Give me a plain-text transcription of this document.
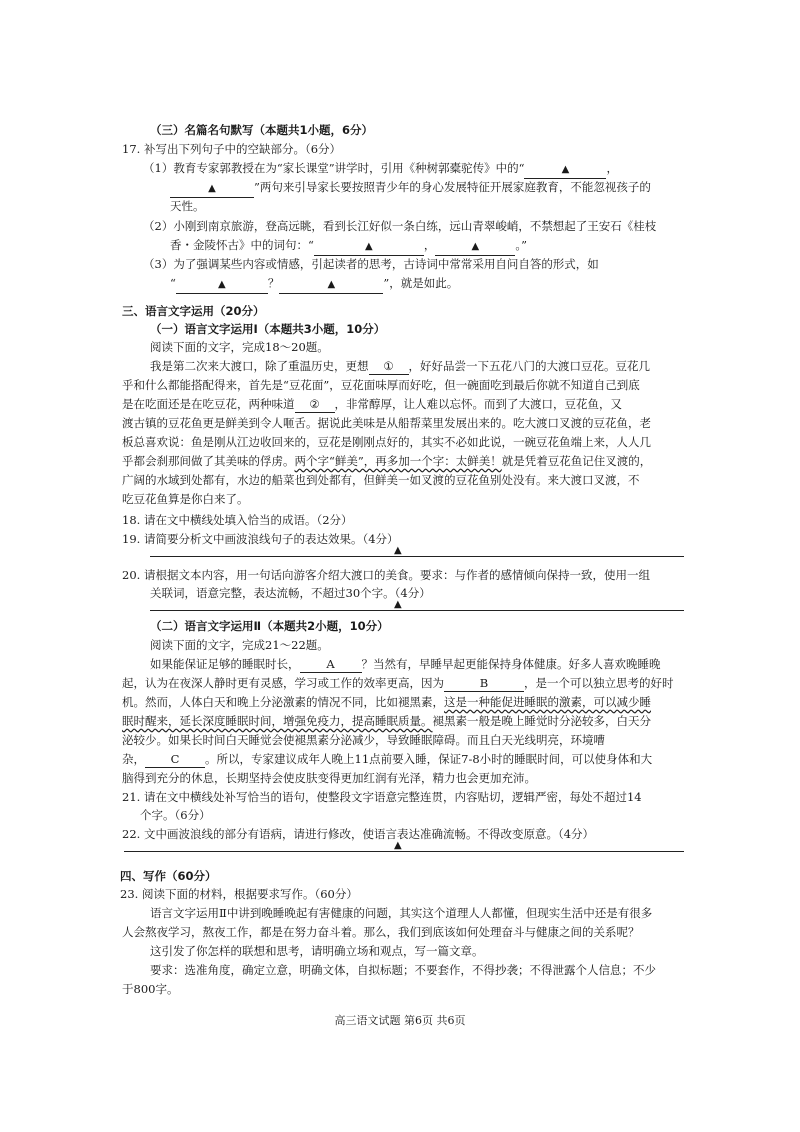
（三）名篇名句默写（本题共1小题，6分）
17. 补写出下列句子中的空缺部分。（6分）
（1）教育专家郭教授在为“家长课堂”讲学时，引用《种树郭橐驼传》中的“	▲	，
▲	”两句来引导家长要按照青少年的身心发展特征开展家庭教育，不能忽视孩子的
天性。
（2）小刚到南京旅游，登高远眺，看到长江好似一条白练，远山青翠峻峭，不禁想起了王安石《桂枝
香・金陵怀古》中的词句：“	▲	，	▲	。”
（3）为了强调某些内容或情感，引起读者的思考，古诗词中常常采用自问自答的形式，如
“	▲	？	▲	”，就是如此。
三、语言文字运用（20分）
（一）语言文字运用Ⅰ（本题共3小题，10分）
阅读下面的文字，完成18～20题。
我是第二次来大渡口，除了重温历史，更想 ① ，好好品尝一下五花八门的大渡口豆花。豆花几
乎和什么都能搭配得来，首先是“豆花面”，豆花面味厚而好吃，但一碗面吃到最后你就不知道自己到底
是在吃面还是在吃豆花，两种味道 ② ，非常醇厚，让人难以忘怀。而到了大渡口，豆花鱼，又
渡古镇的豆花鱼更是鲜美到令人咂舌。据说此美味是从船帮菜里发展出来的。吃大渡口叉渡的豆花鱼，老
板总喜欢说：鱼是刚从江边收回来的，豆花是刚刚点好的，其实不必如此说，一碗豆花鱼端上来，人人几
乎都会刹那间做了其美味的俘虏。两个字“鲜美”，再多加一个字：太鲜美！就是凭着豆花鱼记住叉渡的，
广阔的水域到处都有，水边的船菜也到处都有，但鲜美一如叉渡的豆花鱼别处没有。来大渡口叉渡，不
吃豆花鱼算是你白来了。
18. 请在文中横线处填入恰当的成语。（2分）
19. 请简要分析文中画波浪线句子的表达效果。（4分）
▲
20. 请根据文本内容，用一句话向游客介绍大渡口的美食。要求：与作者的感情倾向保持一致，使用一组
关联词，语意完整，表达流畅，不超过30个字。（4分）
▲
（二）语言文字运用Ⅱ（本题共2小题，10分）
阅读下面的文字，完成21～22题。
如果能保证足够的睡眠时长， A ？当然有，早睡早起更能保持身体健康。好多人喜欢晚睡晚
起，认为在夜深人静时更有灵感，学习或工作的效率更高，因为	B	，是一个可以独立思考的好时
机。然而，人体白天和晚上分泌激素的情况不同，比如褪黑素，这是一种能促进睡眠的激素，可以减少睡
眠时醒来，延长深度睡眠时间，增强免疫力，提高睡眠质量。褪黑素一般是晚上睡觉时分泌较多，白天分
泌较少。如果长时间白天睡觉会使褪黑素分泌减少，导致睡眠障碍。而且白天光线明亮，环境嘈
杂， C 。所以，专家建议成年人晚上11点前要入睡，保证7-8小时的睡眠时间，可以使身体和大
脑得到充分的休息，长期坚持会使皮肤变得更加红润有光泽，精力也会更加充沛。
21. 请在文中横线处补写恰当的语句，使整段文字语意完整连贯，内容贴切，逻辑严密，每处不超过14
个字。（6分）
22. 文中画波浪线的部分有语病，请进行修改，使语言表达准确流畅。不得改变原意。（4分）
▲
四、写作（60分）
23. 阅读下面的材料，根据要求写作。（60分）
语言文字运用Ⅱ中讲到晚睡晚起有害健康的问题，其实这个道理人人都懂，但现实生活中还是有很多
人会熬夜学习，熬夜工作，都是在努力奋斗着。那么，我们到底该如何处理奋斗与健康之间的关系呢？
这引发了你怎样的联想和思考，请明确立场和观点，写一篇文章。
要求：选准角度，确定立意，明确文体，自拟标题；不要套作，不得抄袭；不得泄露个人信息；不少
于800字。
高三语文试题 第6页 共6页
